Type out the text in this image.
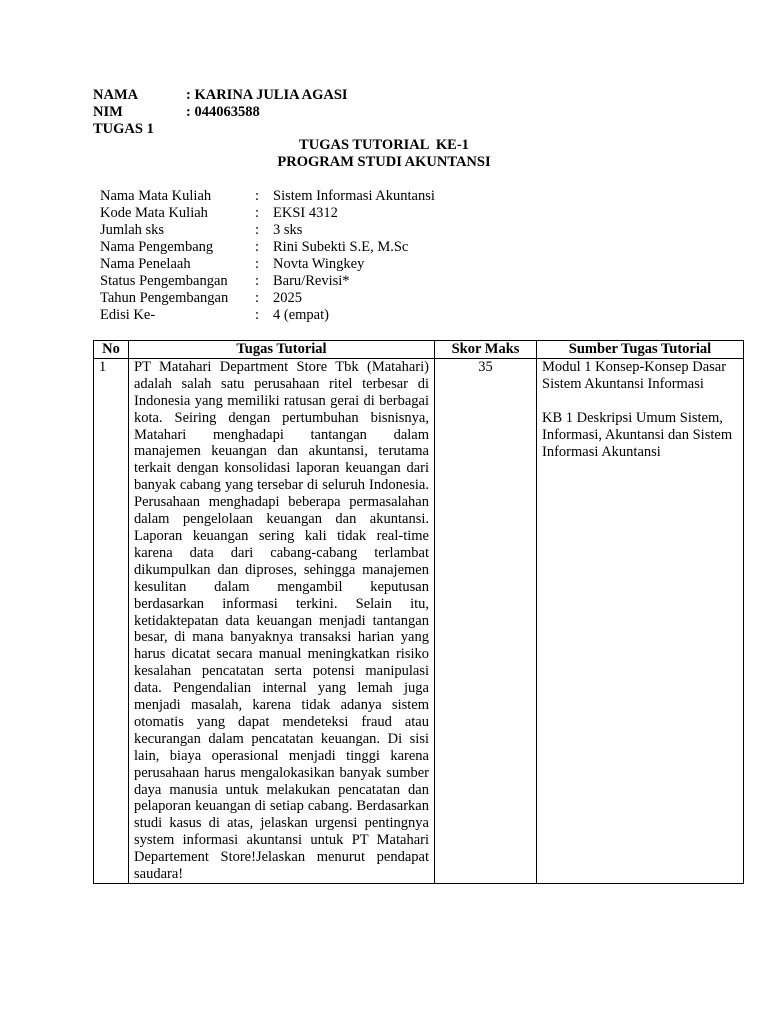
NAMA	: KARINA JULIA AGASI
NIM	: 044063588
TUGAS 1
TUGAS TUTORIAL  KE-1
PROGRAM STUDI AKUNTANSI
Nama Mata Kuliah	: Sistem Informasi Akuntansi
Kode Mata Kuliah	: EKSI 4312
Jumlah sks	: 3 sks
Nama Pengembang	: Rini Subekti S.E, M.Sc
Nama Penelaah	: Novta Wingkey
Status Pengembangan	: Baru/Revisi*
Tahun Pengembangan	: 2025
Edisi Ke-	: 4 (empat)
No	Tugas Tutorial	Skor Maks	Sumber Tugas Tutorial
1	PT Matahari Department Store Tbk (Matahari) adalah salah satu perusahaan ritel terbesar di Indonesia yang memiliki ratusan gerai di berbagai kota. Seiring dengan pertumbuhan bisnisnya, Matahari menghadapi tantangan dalam manajemen keuangan dan akuntansi, terutama terkait dengan konsolidasi laporan keuangan dari banyak cabang yang tersebar di seluruh Indonesia. Perusahaan menghadapi beberapa permasalahan dalam pengelolaan keuangan dan akuntansi. Laporan keuangan sering kali tidak real-time karena data dari cabang-cabang terlambat dikumpulkan dan diproses, sehingga manajemen kesulitan dalam mengambil keputusan berdasarkan informasi terkini. Selain itu, ketidaktepatan data keuangan menjadi tantangan besar, di mana banyaknya transaksi harian yang harus dicatat secara manual meningkatkan risiko kesalahan pencatatan serta potensi manipulasi data. Pengendalian internal yang lemah juga menjadi masalah, karena tidak adanya sistem otomatis yang dapat mendeteksi fraud atau kecurangan dalam pencatatan keuangan. Di sisi lain, biaya operasional menjadi tinggi karena perusahaan harus mengalokasikan banyak sumber daya manusia untuk melakukan pencatatan dan pelaporan keuangan di setiap cabang. Berdasarkan studi kasus di atas, jelaskan urgensi pentingnya system informasi akuntansi untuk PT Matahari Departement Store!Jelaskan menurut pendapat saudara!	35	Modul 1 Konsep-Konsep Dasar Sistem Akuntansi Informasi

KB 1 Deskripsi Umum Sistem, Informasi, Akuntansi dan Sistem Informasi Akuntansi
